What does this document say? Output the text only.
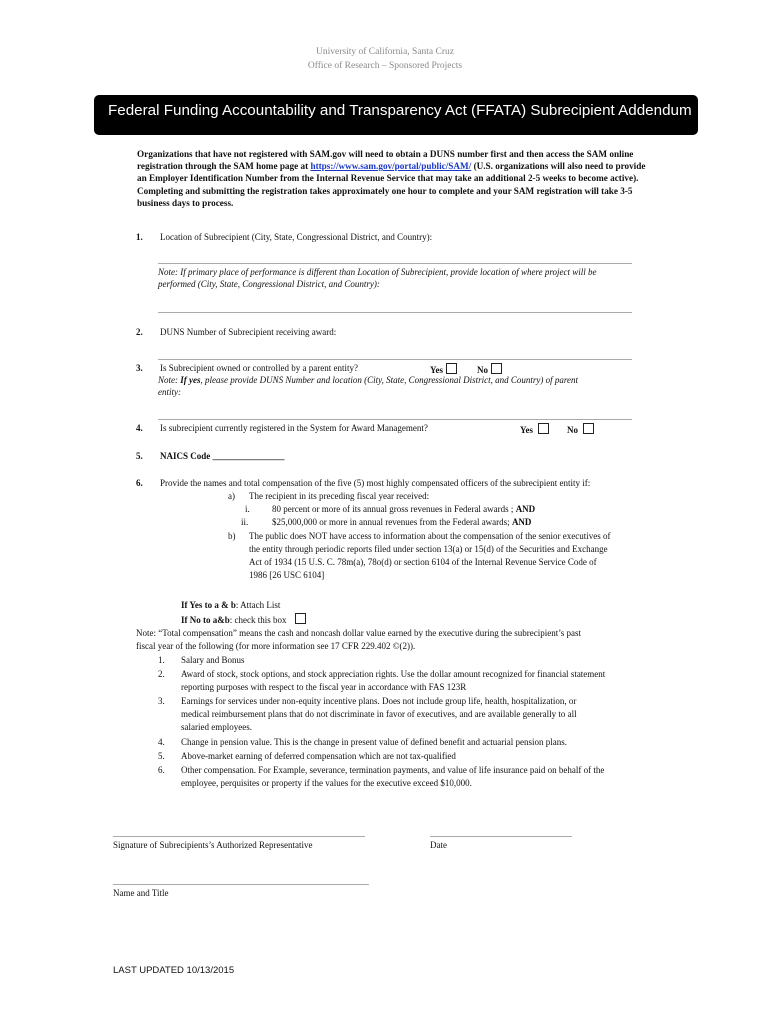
University of California, Santa Cruz
Office of Research – Sponsored Projects
Federal Funding Accountability and Transparency Act (FFATA) Subrecipient Addendum
Organizations that have not registered with SAM.gov will need to obtain a DUNS number first and then access the SAM online registration through the SAM home page at https://www.sam.gov/portal/public/SAM/ (U.S. organizations will also need to provide an Employer Identification Number from the Internal Revenue Service that may take an additional 2-5 weeks to become active). Completing and submitting the registration takes approximately one hour to complete and your SAM registration will take 3-5 business days to process.
1. Location of Subrecipient (City, State, Congressional District, and Country):
Note: If primary place of performance is different than Location of Subrecipient, provide location of where project will be
performed (City, State, Congressional District, and Country):
2. DUNS Number of Subrecipient receiving award:
3. Is Subrecipient owned or controlled by a parent entity?	Yes	No
Note: If yes, please provide DUNS Number and location (City, State, Congressional District, and Country) of parent
entity:
4. Is subrecipient currently registered in the System for Award Management?	Yes	No
5. NAICS Code ________________
6. Provide the names and total compensation of the five (5) most highly compensated officers of the subrecipient entity if:
a) The recipient in its preceding fiscal year received:
i. 80 percent or more of its annual gross revenues in Federal awards ; AND
ii.	$25,000,000 or more in annual revenues from the Federal awards; AND
b) The public does NOT have access to information about the compensation of the senior executives of
the entity through periodic reports filed under section 13(a) or 15(d) of the Securities and Exchange
Act of 1934 (15 U.S. C. 78m(a), 78o(d) or section 6104 of the Internal Revenue Service Code of
1986 [26 USC 6104]
If Yes to a & b: Attach List
If No to a&b: check this box
Note: “Total compensation” means the cash and noncash dollar value earned by the executive during the subrecipient’s past
fiscal year of the following (for more information see 17 CFR 229.402 ©(2)).
1. Salary and Bonus
2. Award of stock, stock options, and stock appreciation rights. Use the dollar amount recognized for financial statement
reporting purposes with respect to the fiscal year in accordance with FAS 123R
3. Earnings for services under non-equity incentive plans. Does not include group life, health, hospitalization, or
medical reimbursement plans that do not discriminate in favor of executives, and are available generally to all
salaried employees.
4. Change in pension value. This is the change in present value of defined benefit and actuarial pension plans.
5. Above-market earning of deferred compensation which are not tax-qualified
6. Other compensation. For Example, severance, termination payments, and value of life insurance paid on behalf of the
employee, perquisites or property if the values for the executive exceed $10,000.
Signature of Subrecipients’s Authorized Representative	Date
Name and Title
LAST UPDATED 10/13/2015
